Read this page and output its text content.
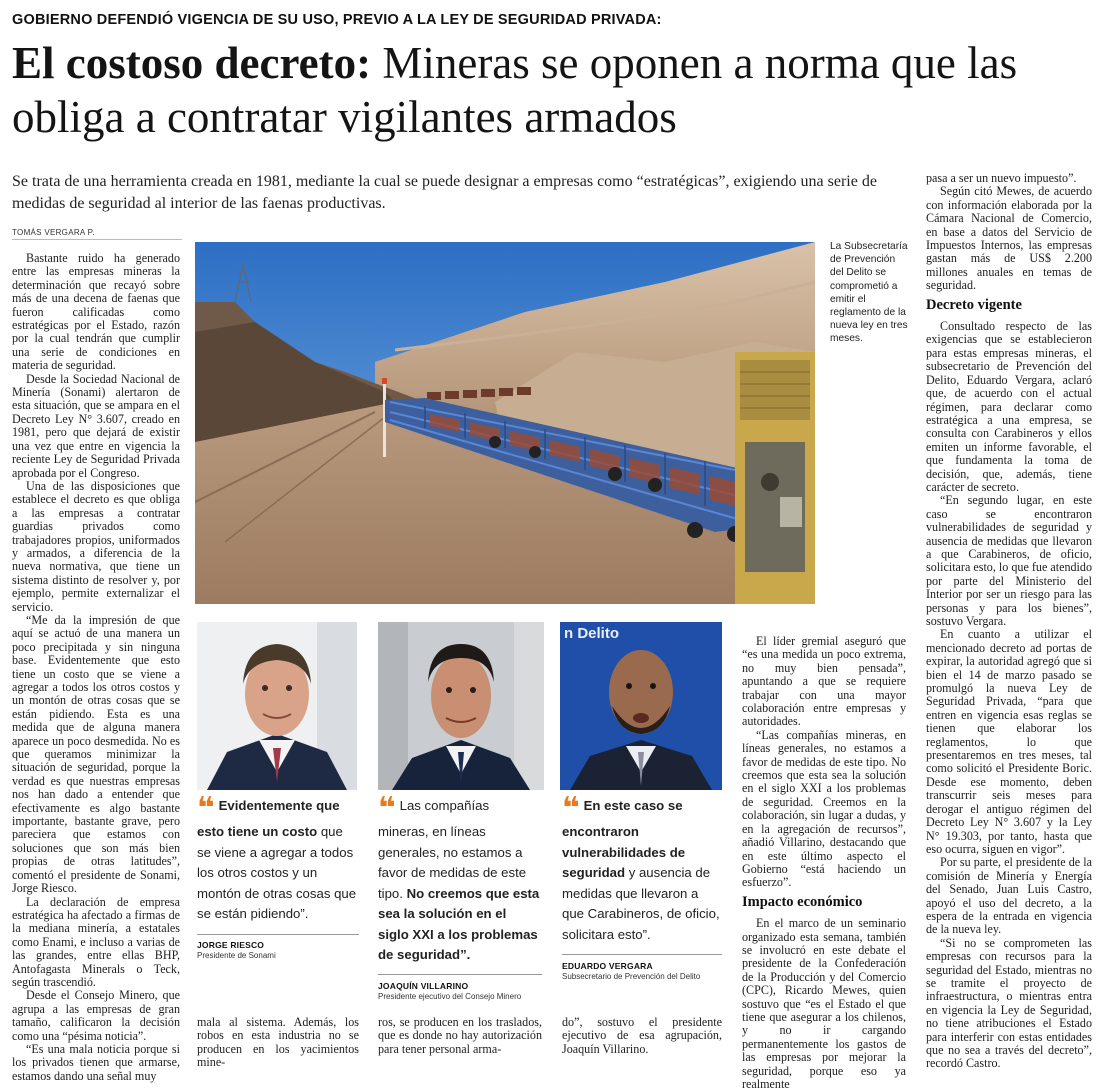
GOBIERNO DEFENDIÓ VIGENCIA DE SU USO, PREVIO A LA LEY DE SEGURIDAD PRIVADA:
El costoso decreto: Mineras se oponen a norma que las obliga a contratar vigilantes armados
Se trata de una herramienta creada en 1981, mediante la cual se puede designar a empresas como “estratégicas”, exigiendo una serie de medidas de seguridad al interior de las faenas productivas.
TOMÁS VERGARA P.

Bastante ruido ha generado entre las empresas mineras la determinación que recayó sobre más de una decena de faenas que fueron calificadas como estratégicas por el Estado, razón por la cual tendrán que cumplir una serie de condiciones en materia de seguridad.

Desde la Sociedad Nacional de Minería (Sonami) alertaron de esta situación, que se ampara en el Decreto Ley N° 3.607, creado en 1981, pero que dejará de existir una vez que entre en vigencia la reciente Ley de Seguridad Privada aprobada por el Congreso.

Una de las disposiciones que establece el decreto es que obliga a las empresas a contratar guardias privados como trabajadores propios, uniformados y armados, a diferencia de la nueva normativa, que tiene un sistema distinto de resolver y, por ejemplo, permite externalizar el servicio.

“Me da la impresión de que aquí se actuó de una manera un poco precipitada y sin ninguna base. Evidentemente que esto tiene un costo que se viene a agregar a todos los otros costos y un montón de otras cosas que se están pidiendo. Esta es una medida que de alguna manera aparece un poco desmedida. No es que queramos minimizar la situación de seguridad, porque la verdad es que nuestras empresas nos han dado a entender que efectivamente es algo bastante importante, bastante grave, pero pareciera que estamos con soluciones que son más bien propias de otras latitudes”, comentó el presidente de Sonami, Jorge Riesco.

La declaración de empresa estratégica ha afectado a firmas de la mediana minería, a estatales como Enami, e incluso a varias de las grandes, entre ellas BHP, Antofagasta Minerals o Teck, según trascendió.

Desde el Consejo Minero, que agrupa a las empresas de gran tamaño, calificaron la decisión como una “pésima noticia”.

“Es una mala noticia porque si los privados tienen que armarse, estamos dando una señal muy

La Subsecretaría de Prevención del Delito se comprometió a emitir el reglamento de la nueva ley en tres meses.
n Delito
❝ Evidentemente que esto tiene un costo que se viene a agregar a todos los otros costos y un montón de otras cosas que se están pidiendo”.
JORGE RIESCO
Presidente de Sonami
❝ Las compañías mineras, en líneas generales, no estamos a favor de medidas de este tipo. No creemos que esta sea la solución en el siglo XXI a los problemas de seguridad”.
JOAQUÍN VILLARINO
Presidente ejecutivo del Consejo Minero
❝ En este caso se encontraron vulnerabilidades de seguridad y ausencia de medidas que llevaron a que Carabineros, de oficio, solicitara esto”.
EDUARDO VERGARA
Subsecretario de Prevención del Delito

mala al sistema. Además, los robos en esta industria no se producen en los yacimientos mine-

ros, se producen en los traslados, que es donde no hay autorización para tener personal arma-

do”, sostuvo el presidente ejecutivo de esa agrupación, Joaquín Villarino.

El líder gremial aseguró que “es una medida un poco extrema, no muy bien pensada”, apuntando a que se requiere trabajar con una mayor colaboración entre empresas y autoridades.

“Las compañías mineras, en líneas generales, no estamos a favor de medidas de este tipo. No creemos que esta sea la solución en el siglo XXI a los problemas de seguridad. Creemos en la colaboración, sin lugar a dudas, y en la agregación de recursos”, añadió Villarino, destacando que en este último aspecto el Gobierno “está haciendo un esfuerzo”.

Impacto económico

En el marco de un seminario organizado esta semana, también se involucró en este debate el presidente de la Confederación de la Producción y del Comercio (CPC), Ricardo Mewes, quien sostuvo que “es el Estado el que tiene que asegurar a los chilenos, y no ir cargando permanentemente los gastos de las empresas por mejorar la seguridad, porque eso ya realmente

pasa a ser un nuevo impuesto”.

Según citó Mewes, de acuerdo con información elaborada por la Cámara Nacional de Comercio, en base a datos del Servicio de Impuestos Internos, las empresas gastan más de US$ 2.200 millones anuales en temas de seguridad.

Decreto vigente

Consultado respecto de las exigencias que se establecieron para estas empresas mineras, el subsecretario de Prevención del Delito, Eduardo Vergara, aclaró que, de acuerdo con el actual régimen, para declarar como estratégica a una empresa, se consulta con Carabineros y ellos emiten un informe favorable, el que fundamenta la toma de decisión, que, además, tiene carácter de secreto.

“En segundo lugar, en este caso se encontraron vulnerabilidades de seguridad y ausencia de medidas que llevaron a que Carabineros, de oficio, solicitara esto, lo que fue atendido por parte del Ministerio del Interior por ser un riesgo para las personas y para los bienes”, sostuvo Vergara.

En cuanto a utilizar el mencionado decreto ad portas de expirar, la autoridad agregó que si bien el 14 de marzo pasado se promulgó la nueva Ley de Seguridad Privada, “para que entren en vigencia esas reglas se tienen que elaborar los reglamentos, lo que presentaremos en tres meses, tal como solicitó el Presidente Boric. Desde ese momento, deben transcurrir seis meses para derogar el antiguo régimen del Decreto Ley N° 3.607 y la Ley N° 19.303, por tanto, hasta que eso ocurra, siguen en vigor”.

Por su parte, el presidente de la comisión de Minería y Energía del Senado, Juan Luis Castro, apoyó el uso del decreto, a la espera de la entrada en vigencia de la nueva ley.

“Si no se comprometen las empresas con recursos para la seguridad del Estado, mientras no se tramite el proyecto de infraestructura, o mientras entra en vigencia la Ley de Seguridad, no tiene atribuciones el Estado para interferir con estas entidades que no sea a través del decreto”, recordó Castro.
